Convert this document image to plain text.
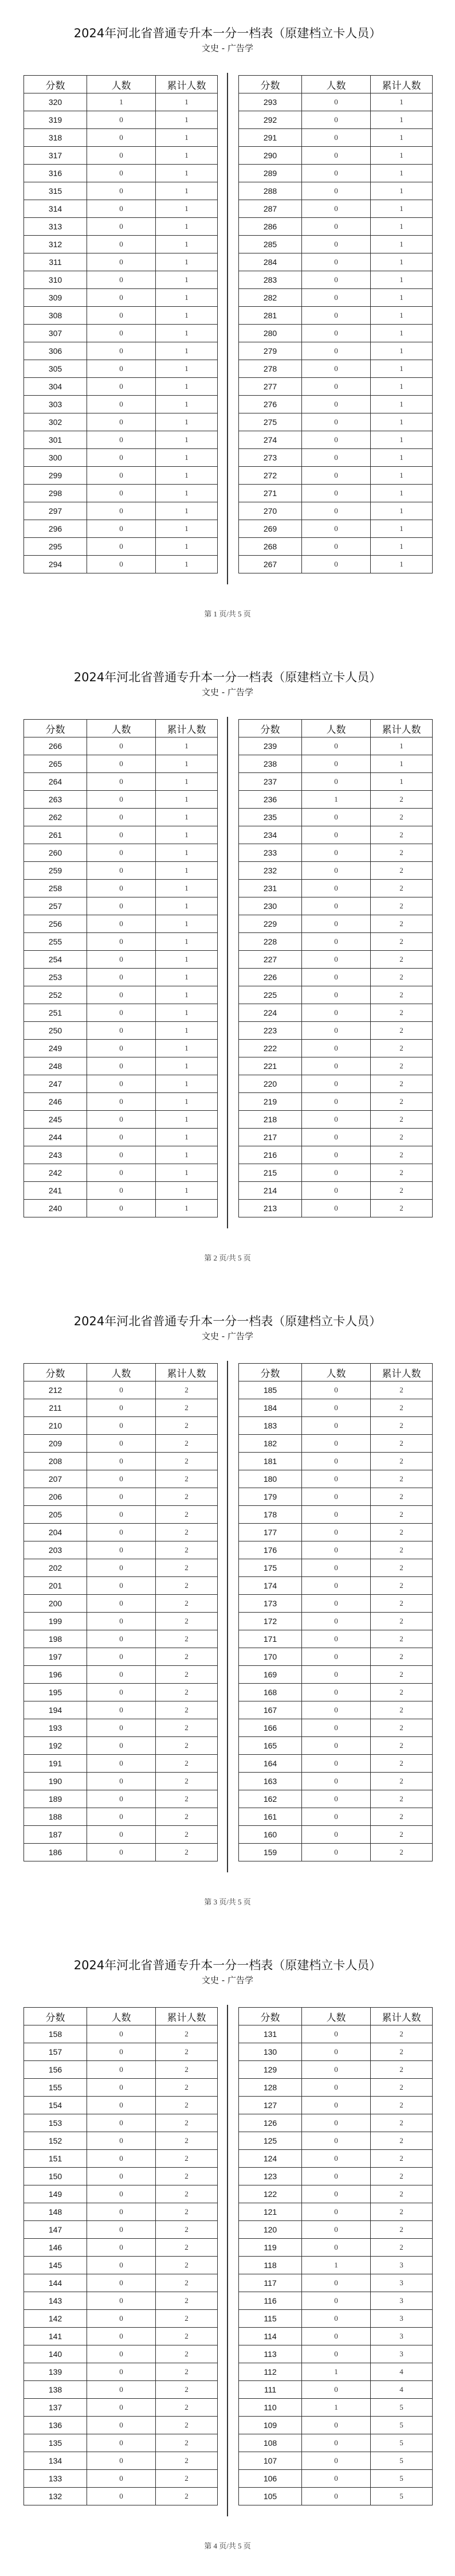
2024年河北省普通专升本一分一档表（原建档立卡人员）
文史 - 广告学
分数	人数	累计人数
320	1	1
319	0	1
318	0	1
317	0	1
316	0	1
315	0	1
314	0	1
313	0	1
312	0	1
311	0	1
310	0	1
309	0	1
308	0	1
307	0	1
306	0	1
305	0	1
304	0	1
303	0	1
302	0	1
301	0	1
300	0	1
299	0	1
298	0	1
297	0	1
296	0	1
295	0	1
294	0	1
分数	人数	累计人数
293	0	1
292	0	1
291	0	1
290	0	1
289	0	1
288	0	1
287	0	1
286	0	1
285	0	1
284	0	1
283	0	1
282	0	1
281	0	1
280	0	1
279	0	1
278	0	1
277	0	1
276	0	1
275	0	1
274	0	1
273	0	1
272	0	1
271	0	1
270	0	1
269	0	1
268	0	1
267	0	1
第 1 页/共 5 页
2024年河北省普通专升本一分一档表（原建档立卡人员）
文史 - 广告学
分数	人数	累计人数
266	0	1
265	0	1
264	0	1
263	0	1
262	0	1
261	0	1
260	0	1
259	0	1
258	0	1
257	0	1
256	0	1
255	0	1
254	0	1
253	0	1
252	0	1
251	0	1
250	0	1
249	0	1
248	0	1
247	0	1
246	0	1
245	0	1
244	0	1
243	0	1
242	0	1
241	0	1
240	0	1
分数	人数	累计人数
239	0	1
238	0	1
237	0	1
236	1	2
235	0	2
234	0	2
233	0	2
232	0	2
231	0	2
230	0	2
229	0	2
228	0	2
227	0	2
226	0	2
225	0	2
224	0	2
223	0	2
222	0	2
221	0	2
220	0	2
219	0	2
218	0	2
217	0	2
216	0	2
215	0	2
214	0	2
213	0	2
第 2 页/共 5 页
2024年河北省普通专升本一分一档表（原建档立卡人员）
文史 - 广告学
分数	人数	累计人数
212	0	2
211	0	2
210	0	2
209	0	2
208	0	2
207	0	2
206	0	2
205	0	2
204	0	2
203	0	2
202	0	2
201	0	2
200	0	2
199	0	2
198	0	2
197	0	2
196	0	2
195	0	2
194	0	2
193	0	2
192	0	2
191	0	2
190	0	2
189	0	2
188	0	2
187	0	2
186	0	2
分数	人数	累计人数
185	0	2
184	0	2
183	0	2
182	0	2
181	0	2
180	0	2
179	0	2
178	0	2
177	0	2
176	0	2
175	0	2
174	0	2
173	0	2
172	0	2
171	0	2
170	0	2
169	0	2
168	0	2
167	0	2
166	0	2
165	0	2
164	0	2
163	0	2
162	0	2
161	0	2
160	0	2
159	0	2
第 3 页/共 5 页
2024年河北省普通专升本一分一档表（原建档立卡人员）
文史 - 广告学
分数	人数	累计人数
158	0	2
157	0	2
156	0	2
155	0	2
154	0	2
153	0	2
152	0	2
151	0	2
150	0	2
149	0	2
148	0	2
147	0	2
146	0	2
145	0	2
144	0	2
143	0	2
142	0	2
141	0	2
140	0	2
139	0	2
138	0	2
137	0	2
136	0	2
135	0	2
134	0	2
133	0	2
132	0	2
分数	人数	累计人数
131	0	2
130	0	2
129	0	2
128	0	2
127	0	2
126	0	2
125	0	2
124	0	2
123	0	2
122	0	2
121	0	2
120	0	2
119	0	2
118	1	3
117	0	3
116	0	3
115	0	3
114	0	3
113	0	3
112	1	4
111	0	4
110	1	5
109	0	5
108	0	5
107	0	5
106	0	5
105	0	5
第 4 页/共 5 页
